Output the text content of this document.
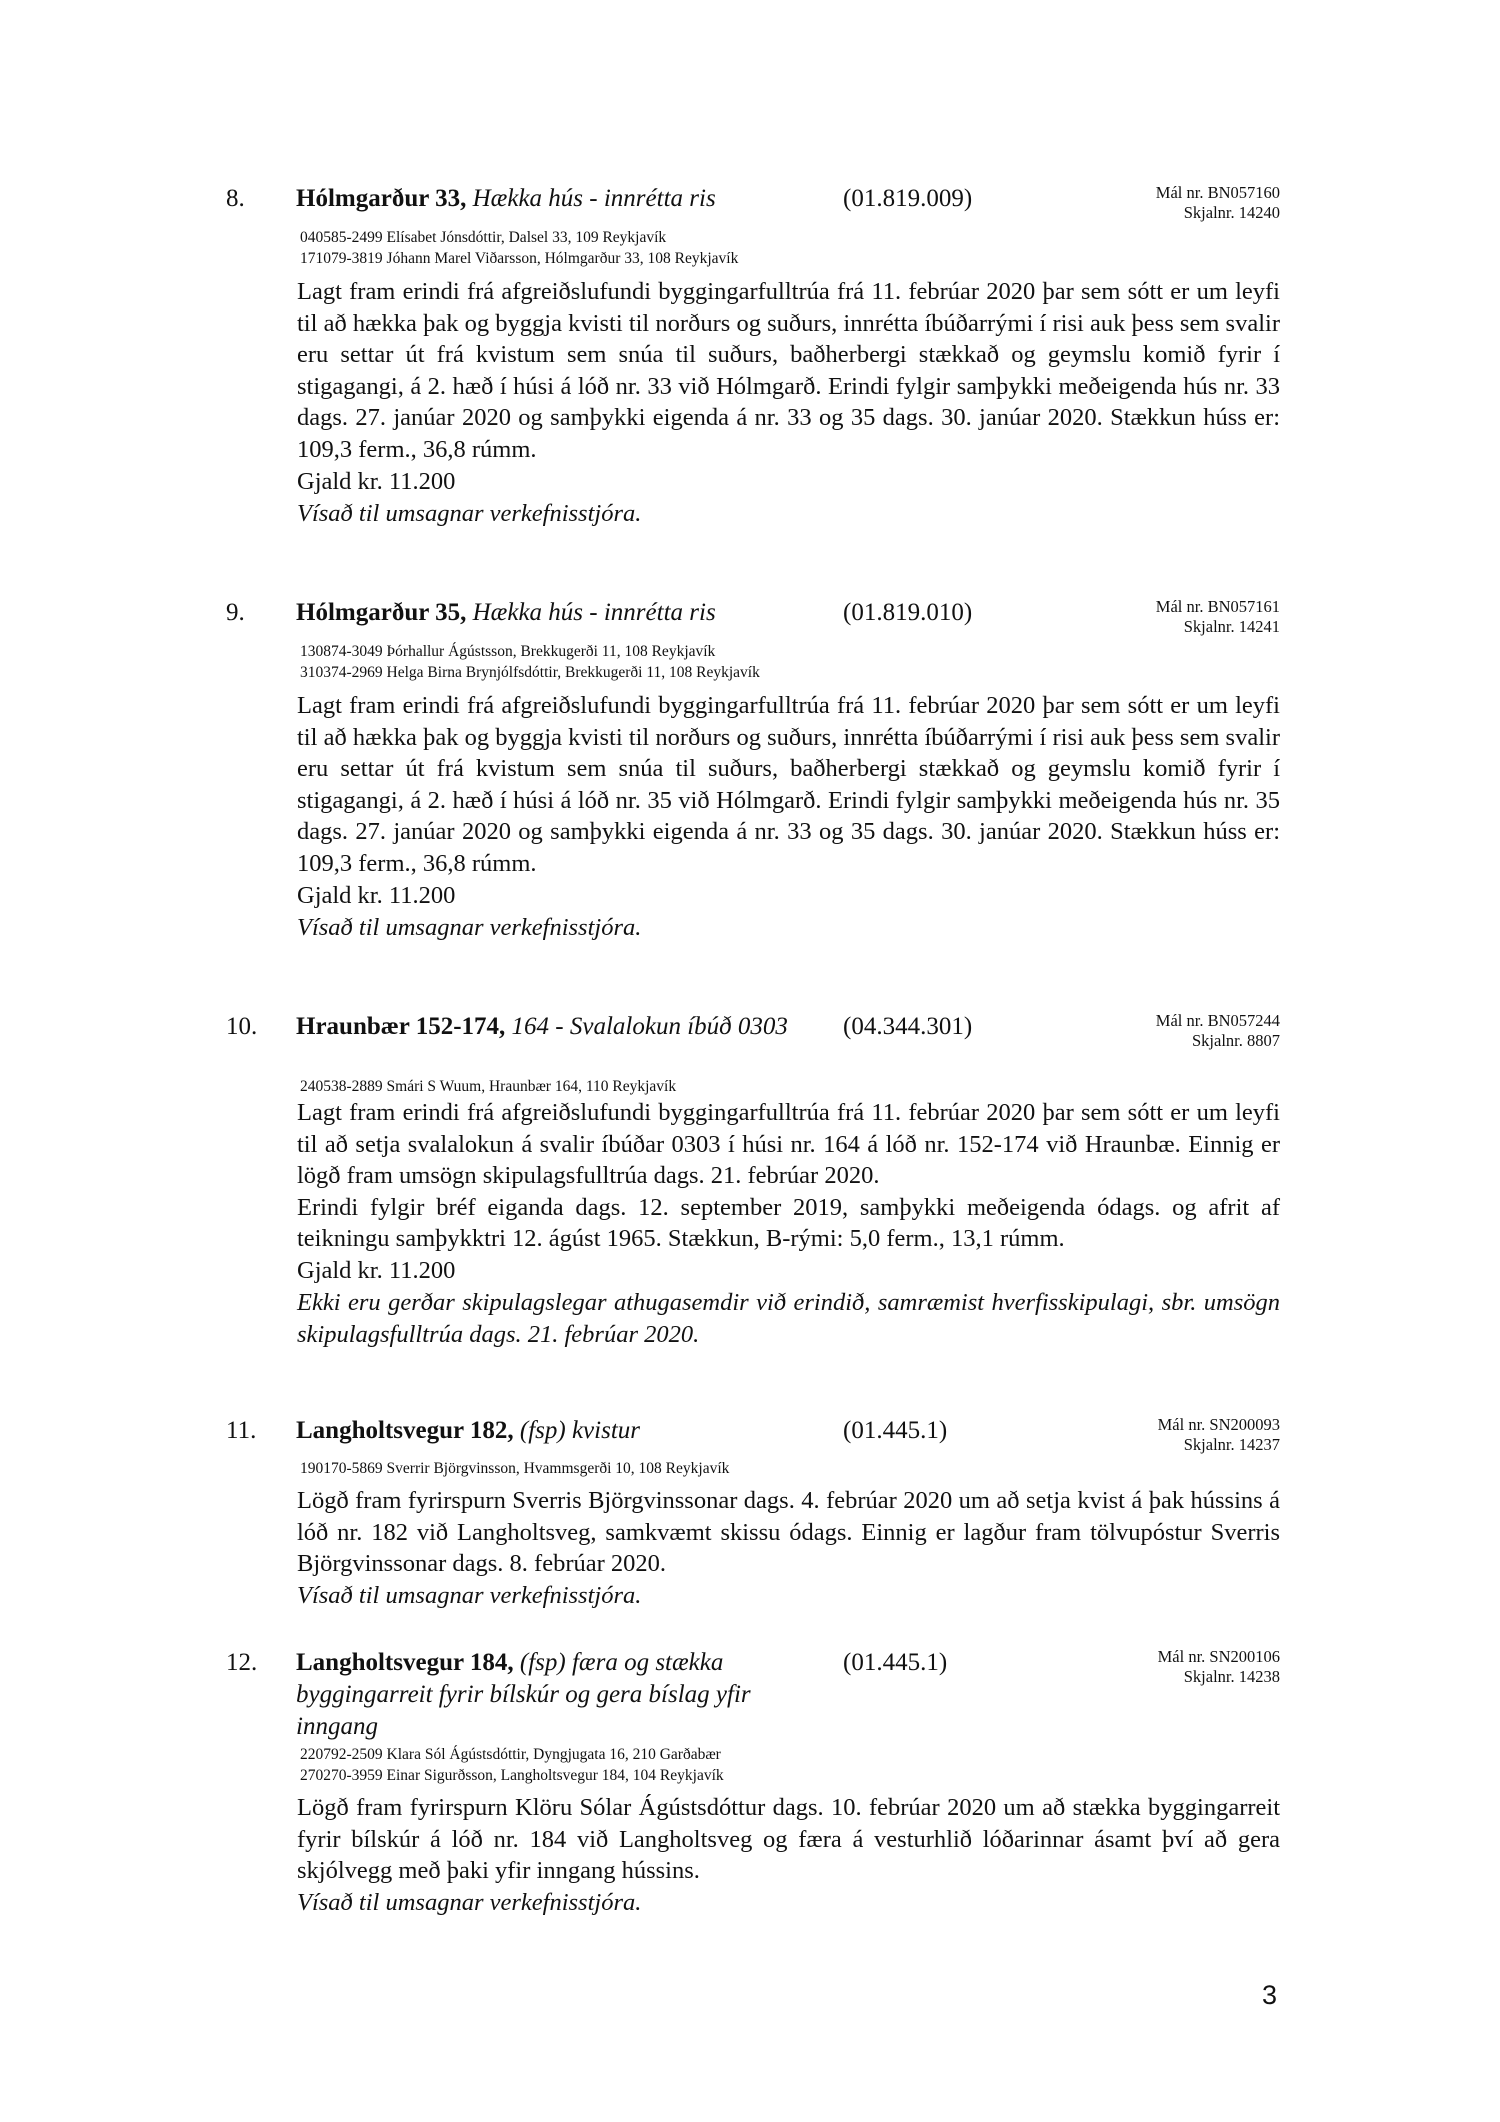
8. Hólmgarður 33, Hækka hús - innrétta ris	(01.819.009)	Mál nr. BN057160
Skjalnr. 14240
040585-2499 Elísabet Jónsdóttir, Dalsel 33, 109 Reykjavík
171079-3819 Jóhann Marel Viðarsson, Hólmgarður 33, 108 Reykjavík

Lagt fram erindi frá afgreiðslufundi byggingarfulltrúa frá 11. febrúar 2020 þar sem sótt er um leyfi til að hækka þak og byggja kvisti til norðurs og suðurs, innrétta íbúðarrými í risi auk þess sem svalir eru settar út frá kvistum sem snúa til suðurs, baðherbergi stækkað og geymslu komið fyrir í stigagangi, á 2. hæð í húsi á lóð nr. 33 við Hólmgarð. Erindi fylgir samþykki meðeigenda hús nr. 33 dags. 27. janúar 2020 og samþykki eigenda á nr. 33 og 35 dags. 30. janúar 2020. Stækkun húss er: 109,3 ferm., 36,8 rúmm.

Gjald kr. 11.200

Vísað til umsagnar verkefnisstjóra.

9. Hólmgarður 35, Hækka hús - innrétta ris	(01.819.010)	Mál nr. BN057161
Skjalnr. 14241
130874-3049 Þórhallur Ágústsson, Brekkugerði 11, 108 Reykjavík
310374-2969 Helga Birna Brynjólfsdóttir, Brekkugerði 11, 108 Reykjavík

Lagt fram erindi frá afgreiðslufundi byggingarfulltrúa frá 11. febrúar 2020 þar sem sótt er um leyfi til að hækka þak og byggja kvisti til norðurs og suðurs, innrétta íbúðarrými í risi auk þess sem svalir eru settar út frá kvistum sem snúa til suðurs, baðherbergi stækkað og geymslu komið fyrir í stigagangi, á 2. hæð í húsi á lóð nr. 35 við Hólmgarð. Erindi fylgir samþykki meðeigenda hús nr. 35 dags. 27. janúar 2020 og samþykki eigenda á nr. 33 og 35 dags. 30. janúar 2020. Stækkun húss er: 109,3 ferm., 36,8 rúmm.

Gjald kr. 11.200

Vísað til umsagnar verkefnisstjóra.

10. Hraunbær 152-174, 164 - Svalalokun íbúð 0303	(04.344.301)	Mál nr. BN057244
Skjalnr. 8807
240538-2889 Smári S Wuum, Hraunbær 164, 110 Reykjavík

Lagt fram erindi frá afgreiðslufundi byggingarfulltrúa frá 11. febrúar 2020 þar sem sótt er um leyfi til að setja svalalokun á svalir íbúðar 0303 í húsi nr. 164 á lóð nr. 152-174 við Hraunbæ. Einnig er lögð fram umsögn skipulagsfulltrúa dags. 21. febrúar 2020.

Erindi fylgir bréf eiganda dags. 12. september 2019, samþykki meðeigenda ódags. og afrit af teikningu samþykktri 12. ágúst 1965. Stækkun, B-rými: 5,0 ferm., 13,1 rúmm.

Gjald kr. 11.200

Ekki eru gerðar skipulagslegar athugasemdir við erindið, samræmist hverfisskipulagi, sbr. umsögn skipulagsfulltrúa dags. 21. febrúar 2020.

11. Langholtsvegur 182, (fsp) kvistur	(01.445.1)	Mál nr. SN200093
Skjalnr. 14237
190170-5869 Sverrir Björgvinsson, Hvammsgerði 10, 108 Reykjavík

Lögð fram fyrirspurn Sverris Björgvinssonar dags. 4. febrúar 2020 um að setja kvist á þak hússins á lóð nr. 182 við Langholtsveg, samkvæmt skissu ódags. Einnig er lagður fram tölvupóstur Sverris Björgvinssonar dags. 8. febrúar 2020.

Vísað til umsagnar verkefnisstjóra.

12. Langholtsvegur 184, (fsp) færa og stækka byggingarreit fyrir bílskúr og gera bíslag yfir inngang
(01.445.1)	Mál nr. SN200106
Skjalnr. 14238
220792-2509 Klara Sól Ágústsdóttir, Dyngjugata 16, 210 Garðabær
270270-3959 Einar Sigurðsson, Langholtsvegur 184, 104 Reykjavík

Lögð fram fyrirspurn Klöru Sólar Ágústsdóttur dags. 10. febrúar 2020 um að stækka byggingarreit fyrir bílskúr á lóð nr. 184 við Langholtsveg og færa á vesturhlið lóðarinnar ásamt því að gera skjólvegg með þaki yfir inngang hússins.

Vísað til umsagnar verkefnisstjóra.

3
